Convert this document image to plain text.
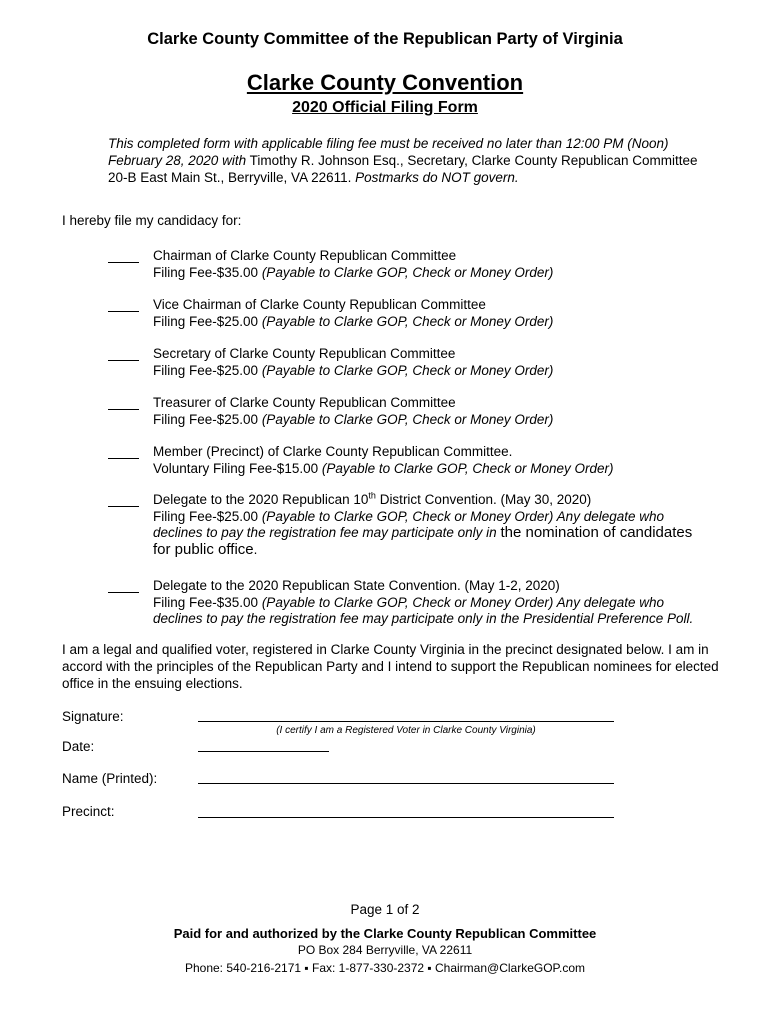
Clarke County Committee of the Republican Party of Virginia
Clarke County Convention
2020 Official Filing Form
This completed form with applicable filing fee must be received no later than 12:00 PM (Noon) February 28, 2020 with Timothy R. Johnson Esq., Secretary, Clarke County Republican Committee 20-B East Main St., Berryville, VA 22611. Postmarks do NOT govern.
I hereby file my candidacy for:
Chairman of Clarke County Republican Committee
Filing Fee-$35.00 (Payable to Clarke GOP, Check or Money Order)
Vice Chairman of Clarke County Republican Committee
Filing Fee-$25.00 (Payable to Clarke GOP, Check or Money Order)
Secretary of Clarke County Republican Committee
Filing Fee-$25.00 (Payable to Clarke GOP, Check or Money Order)
Treasurer of Clarke County Republican Committee
Filing Fee-$25.00 (Payable to Clarke GOP, Check or Money Order)
Member (Precinct) of Clarke County Republican Committee.
Voluntary Filing Fee-$15.00 (Payable to Clarke GOP, Check or Money Order)
Delegate to the 2020 Republican 10th District Convention. (May 30, 2020)
Filing Fee-$25.00 (Payable to Clarke GOP, Check or Money Order) Any delegate who declines to pay the registration fee may participate only in the nomination of candidates for public office.
Delegate to the 2020 Republican State Convention. (May 1-2, 2020)
Filing Fee-$35.00 (Payable to Clarke GOP, Check or Money Order) Any delegate who declines to pay the registration fee may participate only in the Presidential Preference Poll.
I am a legal and qualified voter, registered in Clarke County Virginia in the precinct designated below. I am in accord with the principles of the Republican Party and I intend to support the Republican nominees for elected office in the ensuing elections.
Signature:
(I certify I am a Registered Voter in Clarke County Virginia)
Date:
Name (Printed):
Precinct:
Page 1 of 2
Paid for and authorized by the Clarke County Republican Committee
PO Box 284 Berryville, VA 22611
Phone: 540-216-2171 ▪ Fax: 1-877-330-2372 ▪ Chairman@ClarkeGOP.com
